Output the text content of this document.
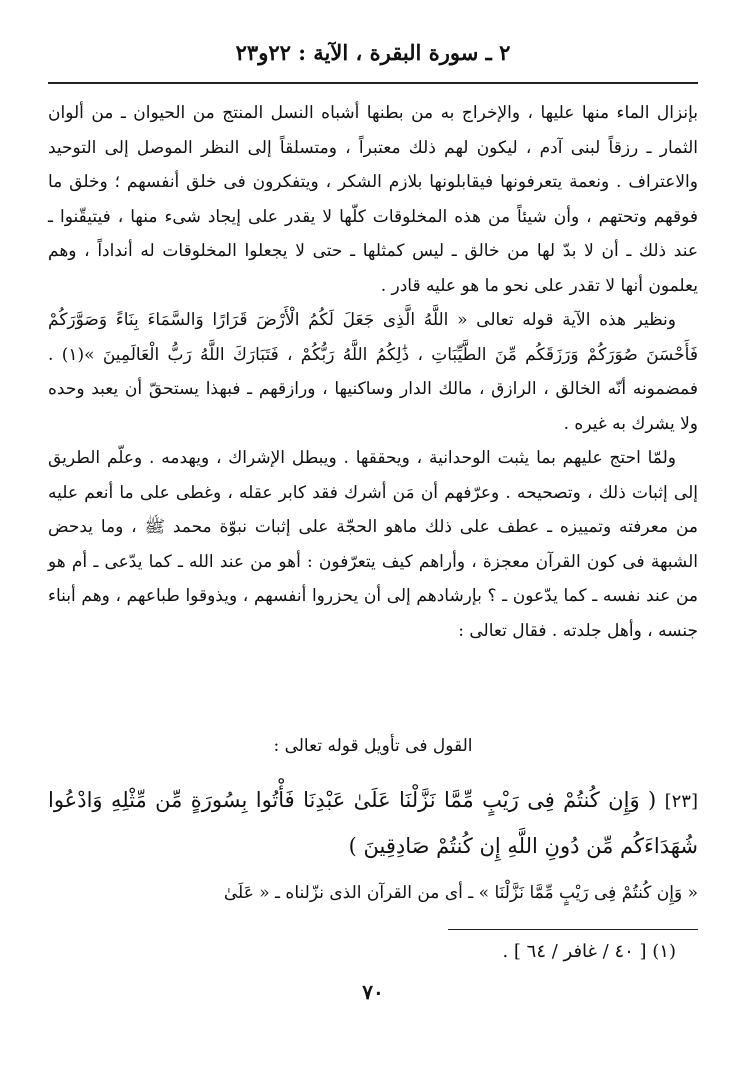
٢ ـ سورة البقرة ، الآية : ٢٢و٢٣

بإنزال الماء منها عليها ، والإخراج به من بطنها أشباه النسل المنتج من الحيوان ـ من ألوان الثمار ـ رزقاً لبنى آدم ، ليكون لهم ذلك معتبراً ، ومتسلقاً إلى النظر الموصل إلى التوحيد والاعتراف . ونعمة يتعرفونها فيقابلونها بلازم الشكر ، ويتفكرون فى خلق أنفسهم ؛ وخلق ما فوقهم وتحتهم ، وأن شيئاً من هذه المخلوقات كلّها لا يقدر على إيجاد شىء منها ، فيتيقّنوا ـ عند ذلك ـ أن لا بدّ لها من خالق ـ ليس كمثلها ـ حتى لا يجعلوا المخلوقات له أنداداً ، وهم يعلمون أنها لا تقدر على نحو ما هو عليه قادر .

ونظير هذه الآية قوله تعالى « اللَّهُ الَّذِى جَعَلَ لَكُمُ الْأَرْضَ قَرَارًا وَالسَّمَاءَ بِنَاءً وَصَوَّرَكُمْ فَأَحْسَنَ صُوَرَكُمْ وَرَزَقَكُم مِّنَ الطَّيِّبَاتِ ، ذَٰلِكُمُ اللَّهُ رَبُّكُمْ ، فَتَبَارَكَ اللَّهُ رَبُّ الْعَالَمِينَ »(١) . فمضمونه أنّه الخالق ، الرازق ، مالك الدار وساكنيها ، ورازقهم ـ فبهذا يستحقّ أن يعبد وحده ولا يشرك به غيره .

ولمّا احتج عليهم بما يثبت الوحدانية ، ويحققها . ويبطل الإشراك ، ويهدمه . وعلّم الطريق إلى إثبات ذلك ، وتصحيحه . وعرّفهم أن مَن أشرك فقد كابر عقله ، وغطى على ما أنعم عليه من معرفته وتمييزه ـ عطف على ذلك ماهو الحجّة على إثبات نبوّة محمد ﷺ ، وما يدحض الشبهة فى كون القرآن معجزة ، وأراهم كيف يتعرّفون : أهو من عند الله ـ كما يدّعى ـ أم هو من عند نفسه ـ كما يدّعون ـ ؟ بإرشادهم إلى أن يحزروا أنفسهم ، ويذوقوا طباعهم ، وهم أبناء جنسه ، وأهل جلدته . فقال تعالى :

القول فى تأويل قوله تعالى :
[٢٣] ( وَإِن كُنتُمْ فِى رَيْبٍ مِّمَّا نَزَّلْنَا عَلَىٰ عَبْدِنَا فَأْتُوا بِسُورَةٍ مِّن مِّثْلِهِ وَادْعُوا شُهَدَاءَكُم مِّن دُونِ اللَّهِ إِن كُنتُمْ صَادِقِينَ )
« وَإِن كُنتُمْ فِى رَيْبٍ مِّمَّا نَزَّلْنَا » ـ أى من القرآن الذى نزّلناه ـ « عَلَىٰ
(١) [ ٤٠ / غافر / ٦٤ ] .
٧٠
